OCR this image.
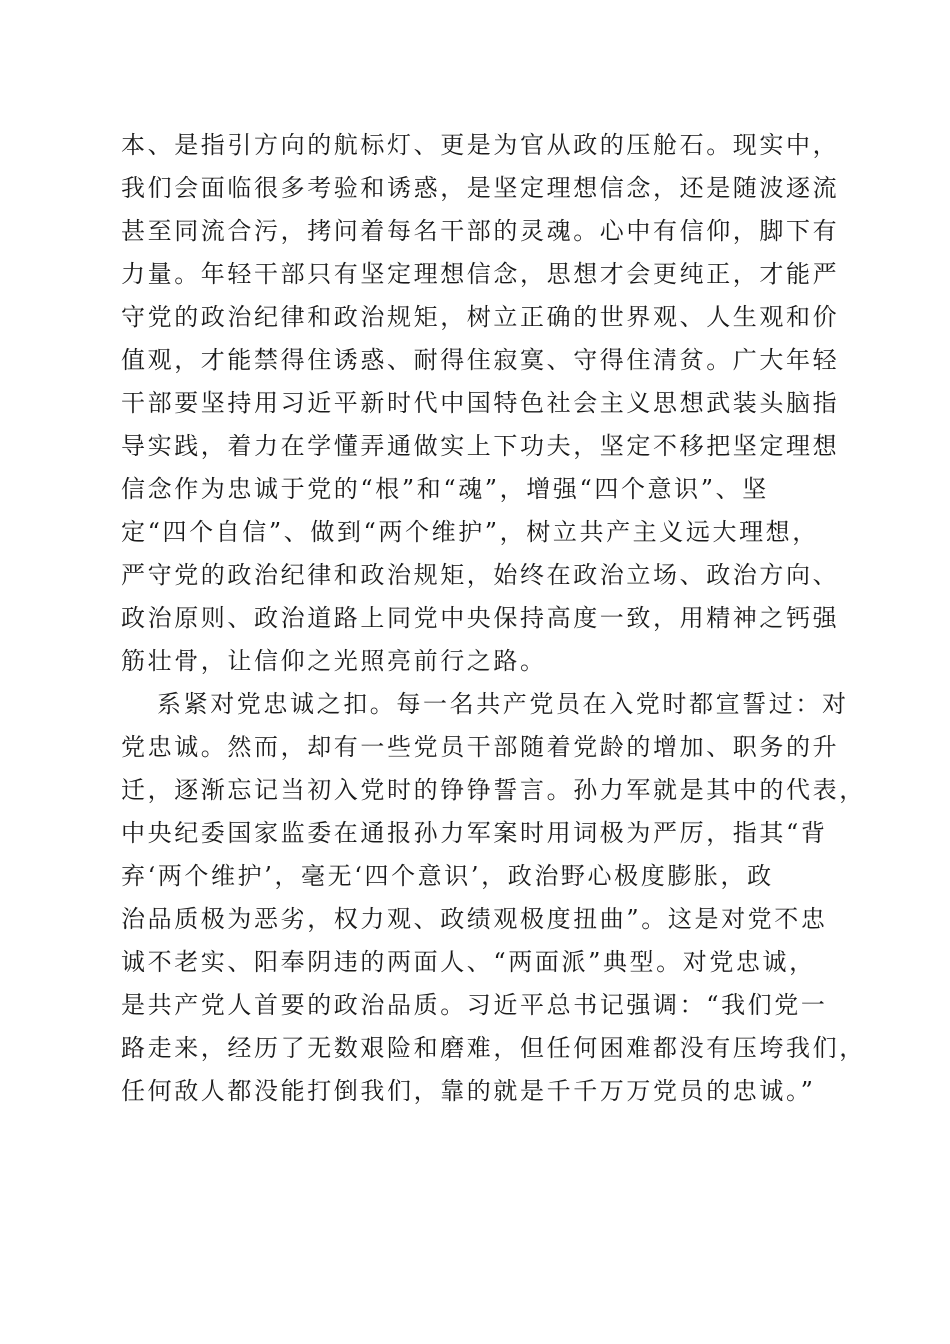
本、是指引方向的航标灯、更是为官从政的压舱石。现实中，
我们会面临很多考验和诱惑，是坚定理想信念，还是随波逐流
甚至同流合污，拷问着每名干部的灵魂。心中有信仰，脚下有
力量。年轻干部只有坚定理想信念，思想才会更纯正，才能严
守党的政治纪律和政治规矩，树立正确的世界观、人生观和价
值观，才能禁得住诱惑、耐得住寂寞、守得住清贫。广大年轻
干部要坚持用习近平新时代中国特色社会主义思想武装头脑指
导实践，着力在学懂弄通做实上下功夫，坚定不移把坚定理想
信念作为忠诚于党的“根”和“魂”，增强“四个意识”、坚
定“四个自信”、做到“两个维护”，树立共产主义远大理想，
严守党的政治纪律和政治规矩，始终在政治立场、政治方向、
政治原则、政治道路上同党中央保持高度一致，用精神之钙强
筋壮骨，让信仰之光照亮前行之路。
系紧对党忠诚之扣。每一名共产党员在入党时都宣誓过：对
党忠诚。然而，却有一些党员干部随着党龄的增加、职务的升
迁，逐渐忘记当初入党时的铮铮誓言。孙力军就是其中的代表，
中央纪委国家监委在通报孙力军案时用词极为严厉，指其“背
弃‘两个维护’，毫无‘四个意识’，政治野心极度膨胀，政
治品质极为恶劣，权力观、政绩观极度扭曲”。这是对党不忠
诚不老实、阳奉阴违的两面人、“两面派”典型。对党忠诚，
是共产党人首要的政治品质。习近平总书记强调：“我们党一
路走来，经历了无数艰险和磨难，但任何困难都没有压垮我们，
任何敌人都没能打倒我们，靠的就是千千万万党员的忠诚。”
